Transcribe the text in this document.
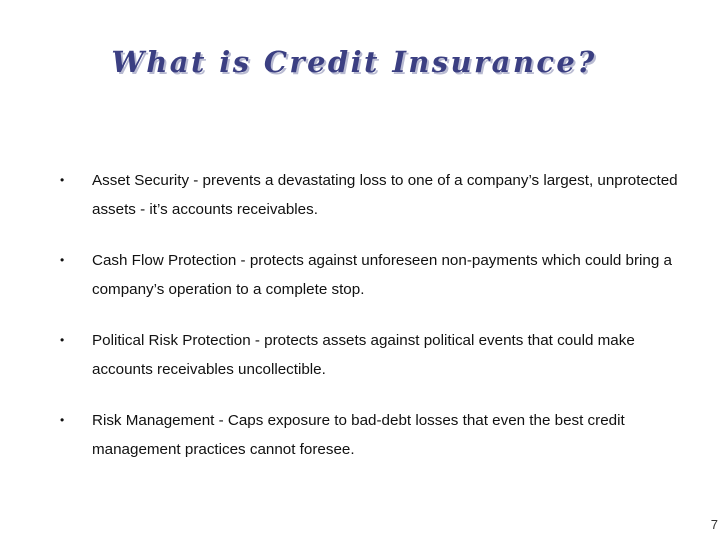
What is Credit Insurance?
• Asset Security - prevents a devastating loss to one of a company’s largest, unprotected assets - it’s accounts receivables.
• Cash Flow Protection - protects against unforeseen non-payments which could bring a company’s operation to a complete stop.
• Political Risk Protection - protects assets against political events that could make accounts receivables uncollectible.
• Risk Management - Caps exposure to bad-debt losses that even the best credit management practices cannot foresee.
7
